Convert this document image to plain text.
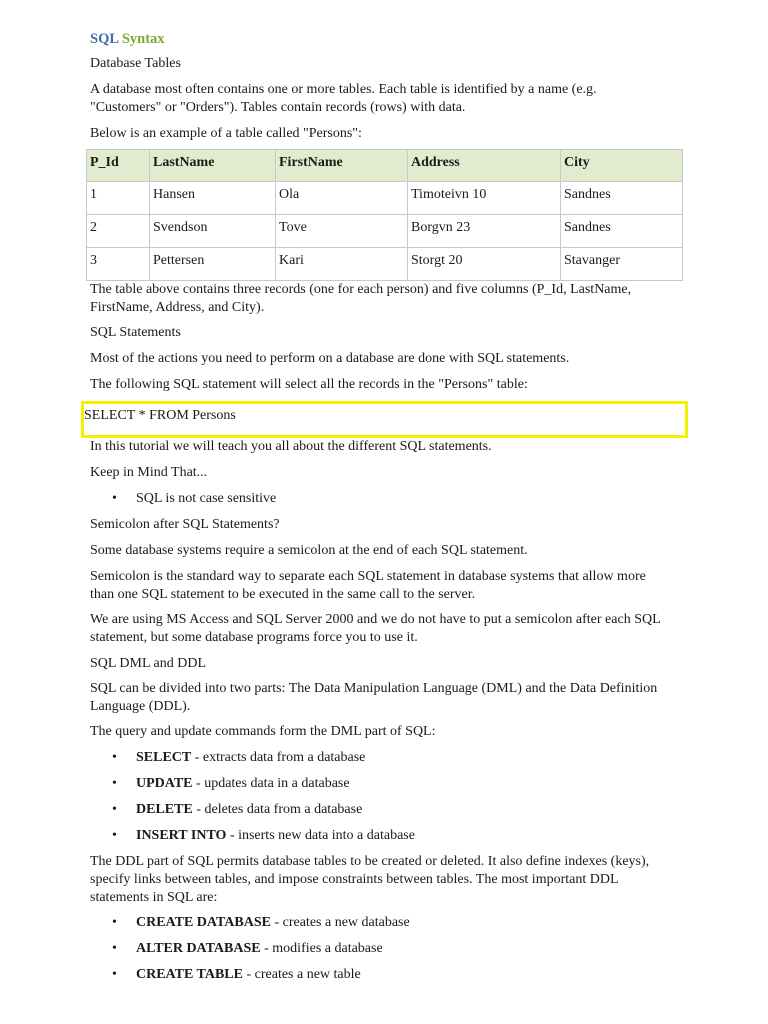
SQL Syntax
Database Tables
A database most often contains one or more tables. Each table is identified by a name (e.g. "Customers" or "Orders"). Tables contain records (rows) with data.
Below is an example of a table called "Persons":
P_Id	LastName	FirstName	Address	City
1	Hansen	Ola	Timoteivn 10	Sandnes
2	Svendson	Tove	Borgvn 23	Sandnes
3	Pettersen	Kari	Storgt 20	Stavanger
The table above contains three records (one for each person) and five columns (P_Id, LastName, FirstName, Address, and City).
SQL Statements
Most of the actions you need to perform on a database are done with SQL statements.
The following SQL statement will select all the records in the "Persons" table:
SELECT * FROM Persons
In this tutorial we will teach you all about the different SQL statements.
Keep in Mind That...
• SQL is not case sensitive
Semicolon after SQL Statements?
Some database systems require a semicolon at the end of each SQL statement.
Semicolon is the standard way to separate each SQL statement in database systems that allow more than one SQL statement to be executed in the same call to the server.
We are using MS Access and SQL Server 2000 and we do not have to put a semicolon after each SQL statement, but some database programs force you to use it.
SQL DML and DDL
SQL can be divided into two parts: The Data Manipulation Language (DML) and the Data Definition Language (DDL).
The query and update commands form the DML part of SQL:
• SELECT - extracts data from a database
• UPDATE - updates data in a database
• DELETE - deletes data from a database
• INSERT INTO - inserts new data into a database
The DDL part of SQL permits database tables to be created or deleted. It also define indexes (keys), specify links between tables, and impose constraints between tables. The most important DDL statements in SQL are:
• CREATE DATABASE - creates a new database
• ALTER DATABASE - modifies a database
• CREATE TABLE - creates a new table
